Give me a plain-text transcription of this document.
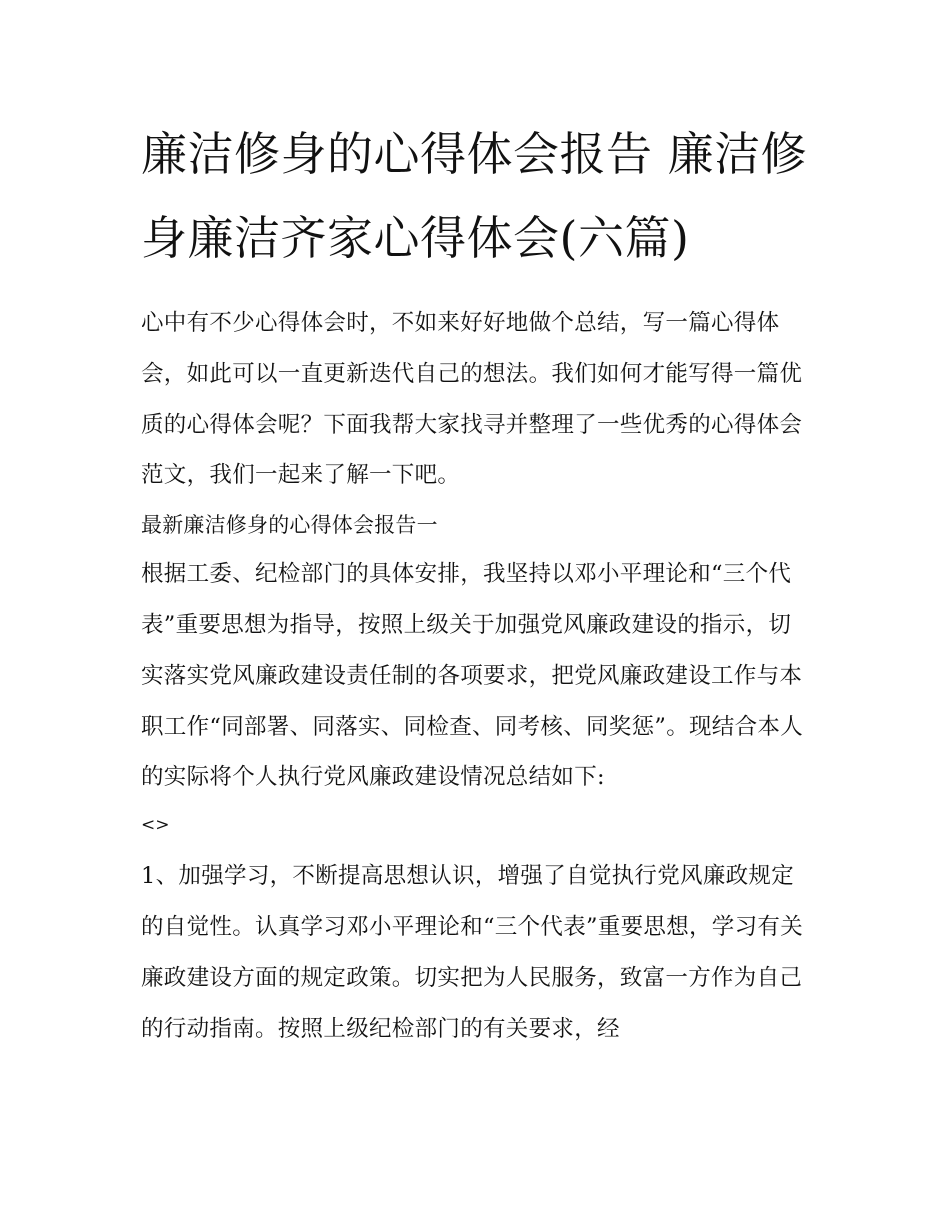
廉洁修身的心得体会报告 廉洁修身廉洁齐家心得体会(六篇)

心中有不少心得体会时，不如来好好地做个总结，写一篇心得体会，如此可以一直更新迭代自己的想法。我们如何才能写得一篇优质的心得体会呢？下面我帮大家找寻并整理了一些优秀的心得体会范文，我们一起来了解一下吧。

最新廉洁修身的心得体会报告一

根据工委、纪检部门的具体安排，我坚持以邓小平理论和“三个代表”重要思想为指导，按照上级关于加强党风廉政建设的指示，切实落实党风廉政建设责任制的各项要求，把党风廉政建设工作与本职工作“同部署、同落实、同检查、同考核、同奖惩”。现结合本人的实际将个人执行党风廉政建设情况总结如下:

<>

1、加强学习，不断提高思想认识，增强了自觉执行党风廉政规定的自觉性。认真学习邓小平理论和“三个代表”重要思想，学习有关廉政建设方面的规定政策。切实把为人民服务，致富一方作为自己的行动指南。按照上级纪检部门的有关要求，经
